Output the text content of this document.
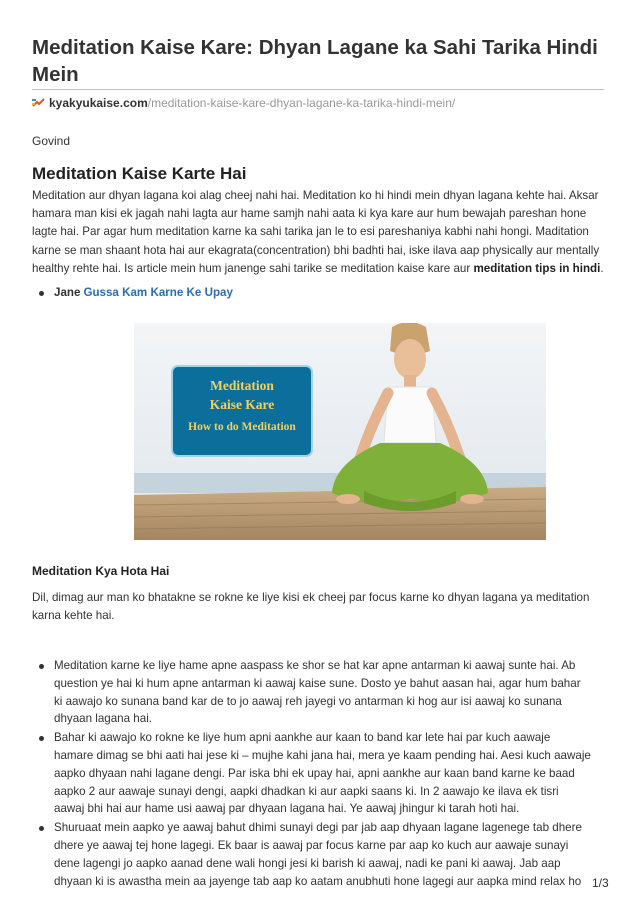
Meditation Kaise Kare: Dhyan Lagane ka Sahi Tarika Hindi Mein
kyakyukaise.com/meditation-kaise-kare-dhyan-lagane-ka-tarika-hindi-mein/
Govind
Meditation Kaise Karte Hai

Meditation aur dhyan lagana koi alag cheej nahi hai. Meditation ko hi hindi mein dhyan lagana kehte hai. Aksar hamara man kisi ek jagah nahi lagta aur hame samjh nahi aata ki kya kare aur hum bewajah pareshan hone lagte hai. Par agar hum meditation karne ka sahi tarika jan le to esi pareshaniya kabhi nahi hongi. Maditation karne se man shaant hota hai aur ekagrata(concentration) bhi badhti hai, iske ilava aap physically aur mentally healthy rehte hai. Is article mein hum janenge sahi tarike se meditation kaise kare aur meditation tips in hindi.

Jane Gussa Kam Karne Ke Upay
Meditation
Kaise Kare
How to do Meditation
Meditation Kya Hota Hai

Dil, dimag aur man ko bhatakne se rokne ke liye kisi ek cheej par focus karne ko dhyan lagana ya meditation karna kehte hai.

Meditation karne ke liye hame apne aaspass ke shor se hat kar apne antarman ki aawaj sunte hai. Ab question ye hai ki hum apne antarman ki aawaj kaise sune. Dosto ye bahut aasan hai, agar hum bahar ki aawajo ko sunana band kar de to jo aawaj reh jayegi vo antarman ki hog aur isi aawaj ko sunana dhyaan lagana hai.
Bahar ki aawajo ko rokne ke liye hum apni aankhe aur kaan to band kar lete hai par kuch aawaje hamare dimag se bhi aati hai jese ki – mujhe kahi jana hai, mera ye kaam pending hai. Aesi kuch aawaje aapko dhyaan nahi lagane dengi. Par iska bhi ek upay hai, apni aankhe aur kaan band karne ke baad aapko 2 aur aawaje sunayi dengi, aapki dhadkan ki aur aapki saans ki. In 2 aawajo ke ilava ek tisri aawaj bhi hai aur hame usi aawaj par dhyaan lagana hai. Ye aawaj jhingur ki tarah hoti hai.
Shuruaat mein aapko ye aawaj bahut dhimi sunayi degi par jab aap dhyaan lagane lagenege tab dhere dhere ye aawaj tej hone lagegi. Ek baar is aawaj par focus karne par aap ko kuch aur aawaje sunayi dene lagengi jo aapko aanad dene wali hongi jesi ki barish ki aawaj, nadi ke pani ki aawaj. Jab aap dhyaan ki is awastha mein aa jayenge tab aap ko aatam anubhuti hone lagegi aur aapka mind relax ho 1/3
